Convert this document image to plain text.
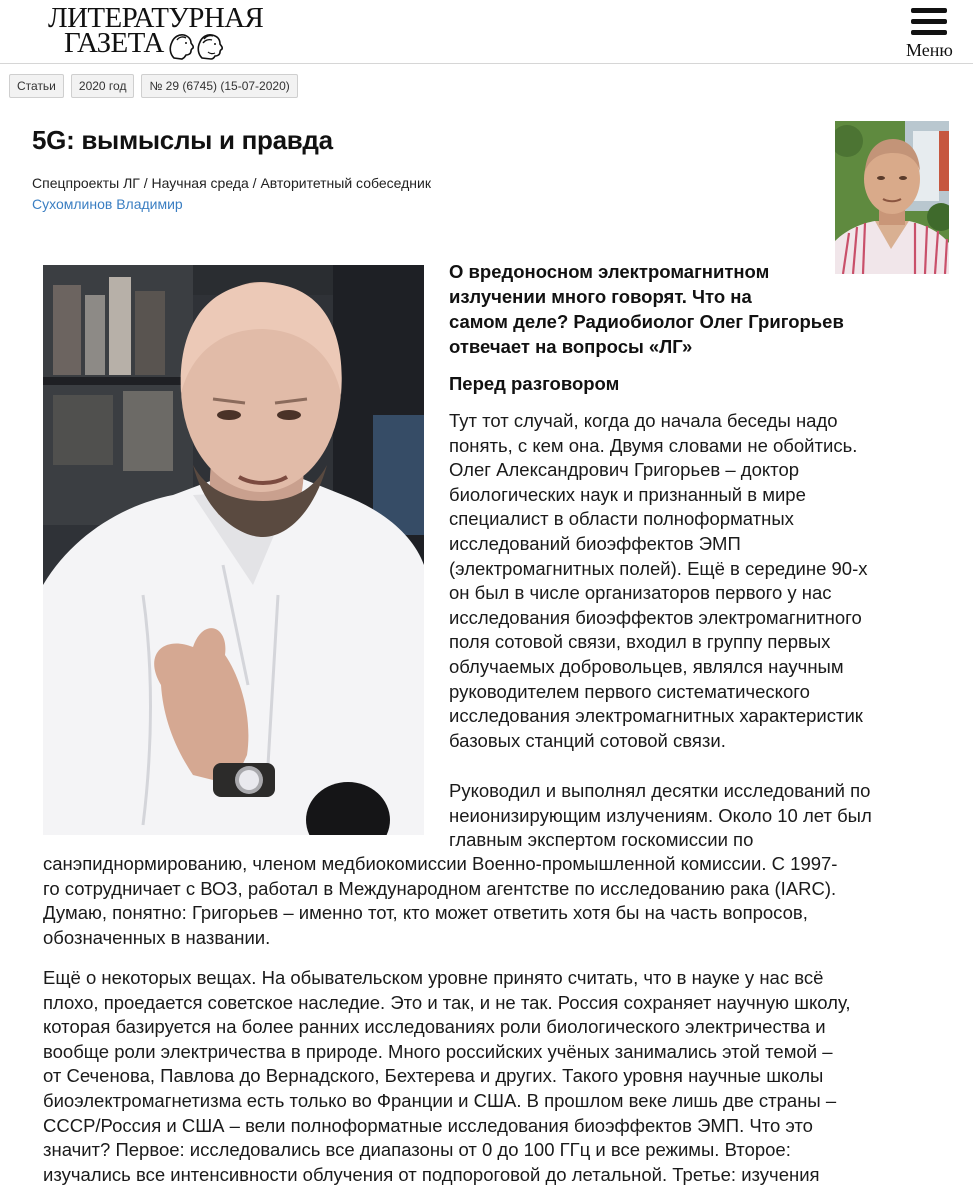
ЛИТЕРАТУРНАЯ
ГАЗЕТА	Меню
Статьи	2020 год	№ 29 (6745) (15-07-2020)
5G: вымыслы и правда
Спецпроекты ЛГ / Научная среда / Авторитетный собеседник
Сухомлинов Владимир
О вредоносном электромагнитном
излучении много говорят. Что на
самом деле? Радиобиолог Олег Григорьев
отвечает на вопросы «ЛГ»
Перед разговором
Тут тот случай, когда до начала беседы надо
понять, с кем она. Двумя словами не обойтись.
Олег Александрович Григорьев – доктор
биологических наук и признанный в мире
специалист в области полноформатных
исследований биоэффектов ЭМП
(электромагнитных полей). Ещё в середине 90-х
он был в числе организаторов первого у нас
исследования биоэффектов электромагнитного
поля сотовой связи, входил в группу первых
облучаемых добровольцев, являлся научным
руководителем первого систематического
исследования электромагнитных характеристик
базовых станций сотовой связи.
Руководил и выполнял десятки исследований по
неионизирующим излучениям. Около 10 лет был
главным экспертом госкомиссии по
санэпиднормированию, членом медбиокомиссии Военно-промышленной комиссии. С 1997-
го сотрудничает с ВОЗ, работал в Международном агентстве по исследованию рака (IARC).
Думаю, понятно: Григорьев – именно тот, кто может ответить хотя бы на часть вопросов,
обозначенных в названии.
Ещё о некоторых вещах. На обывательском уровне принято считать, что в науке у нас всё
плохо, проедается советское наследие. Это и так, и не так. Россия сохраняет научную школу,
которая базируется на более ранних исследованиях роли биологического электричества и
вообще роли электричества в природе. Много российских учёных занимались этой темой –
от Сеченова, Павлова до Вернадского, Бехтерева и других. Такого уровня научные школы
биоэлектромагнетизма есть только во Франции и США. В прошлом веке лишь две страны –
СССР/Россия и США – вели полноформатные исследования биоэффектов ЭМП. Что это
значит? Первое: исследовались все диапазоны от 0 до 100 ГГц и все режимы. Второе:
изучались все интенсивности облучения от подпороговой до летальной. Третье: изучения
